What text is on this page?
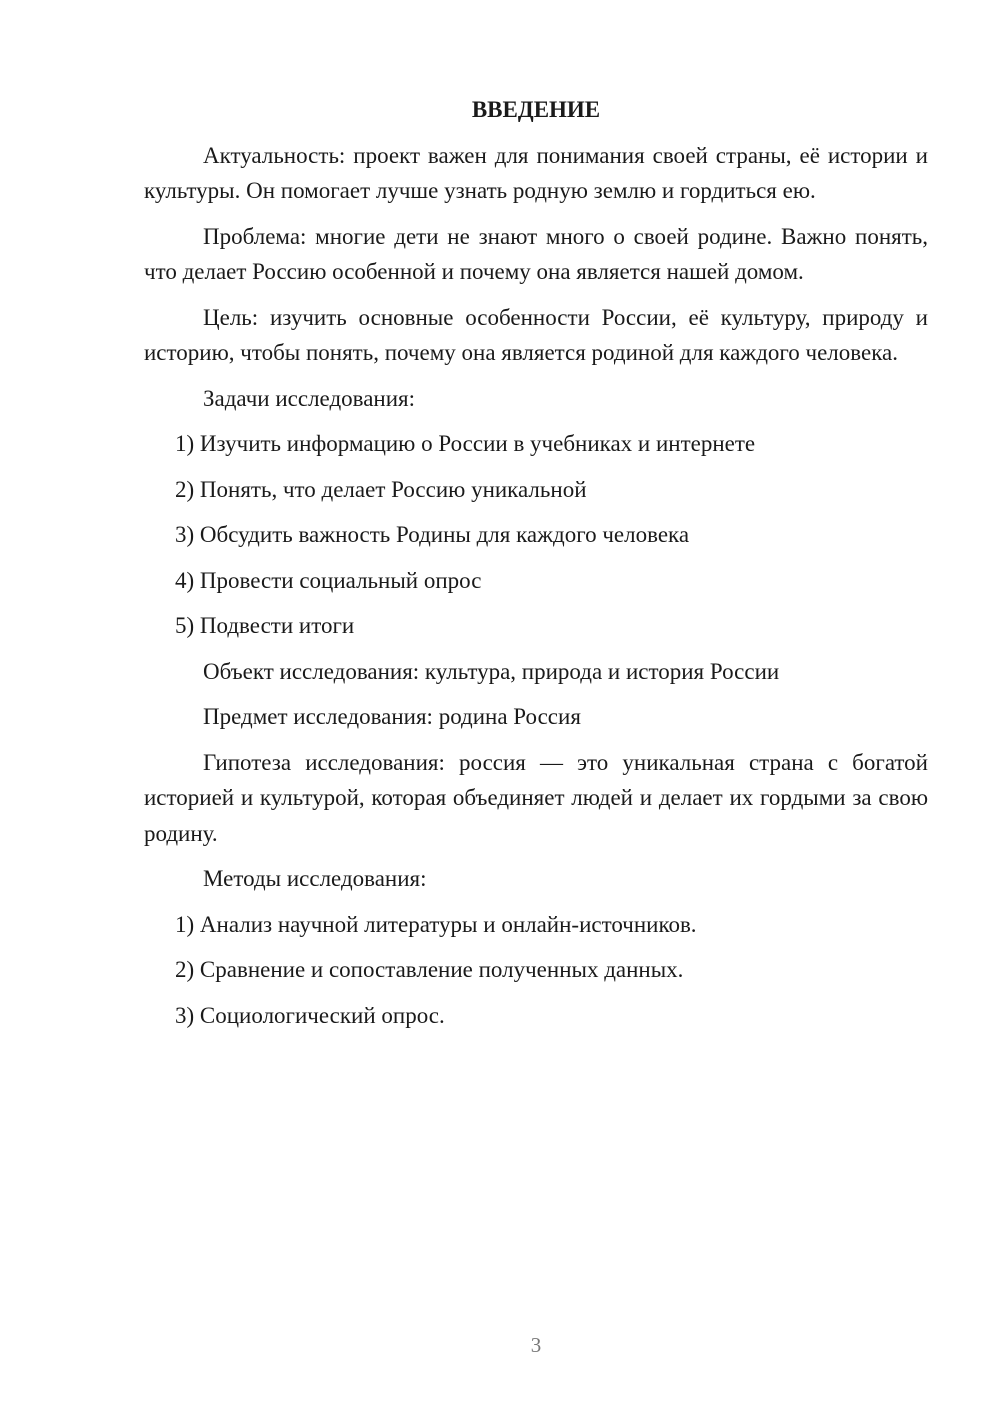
ВВЕДЕНИЕ

Актуальность: проект важен для понимания своей страны, её истории и культуры. Он помогает лучше узнать родную землю и гордиться ею.

Проблема: многие дети не знают много о своей родине. Важно понять, что делает Россию особенной и почему она является нашей домом.

Цель: изучить основные особенности России, её культуру, природу и историю, чтобы понять, почему она является родиной для каждого человека.

Задачи исследования:

1) Изучить информацию о России в учебниках и интернете

2) Понять, что делает Россию уникальной

3) Обсудить важность Родины для каждого человека

4) Провести социальный опрос

5) Подвести итоги

Объект исследования: культура, природа и история России

Предмет исследования: родина Россия

Гипотеза исследования: россия — это уникальная страна с богатой историей и культурой, которая объединяет людей и делает их гордыми за свою родину.

Методы исследования:

1) Анализ научной литературы и онлайн-источников.

2) Сравнение и сопоставление полученных данных.

3) Социологический опрос.

3
